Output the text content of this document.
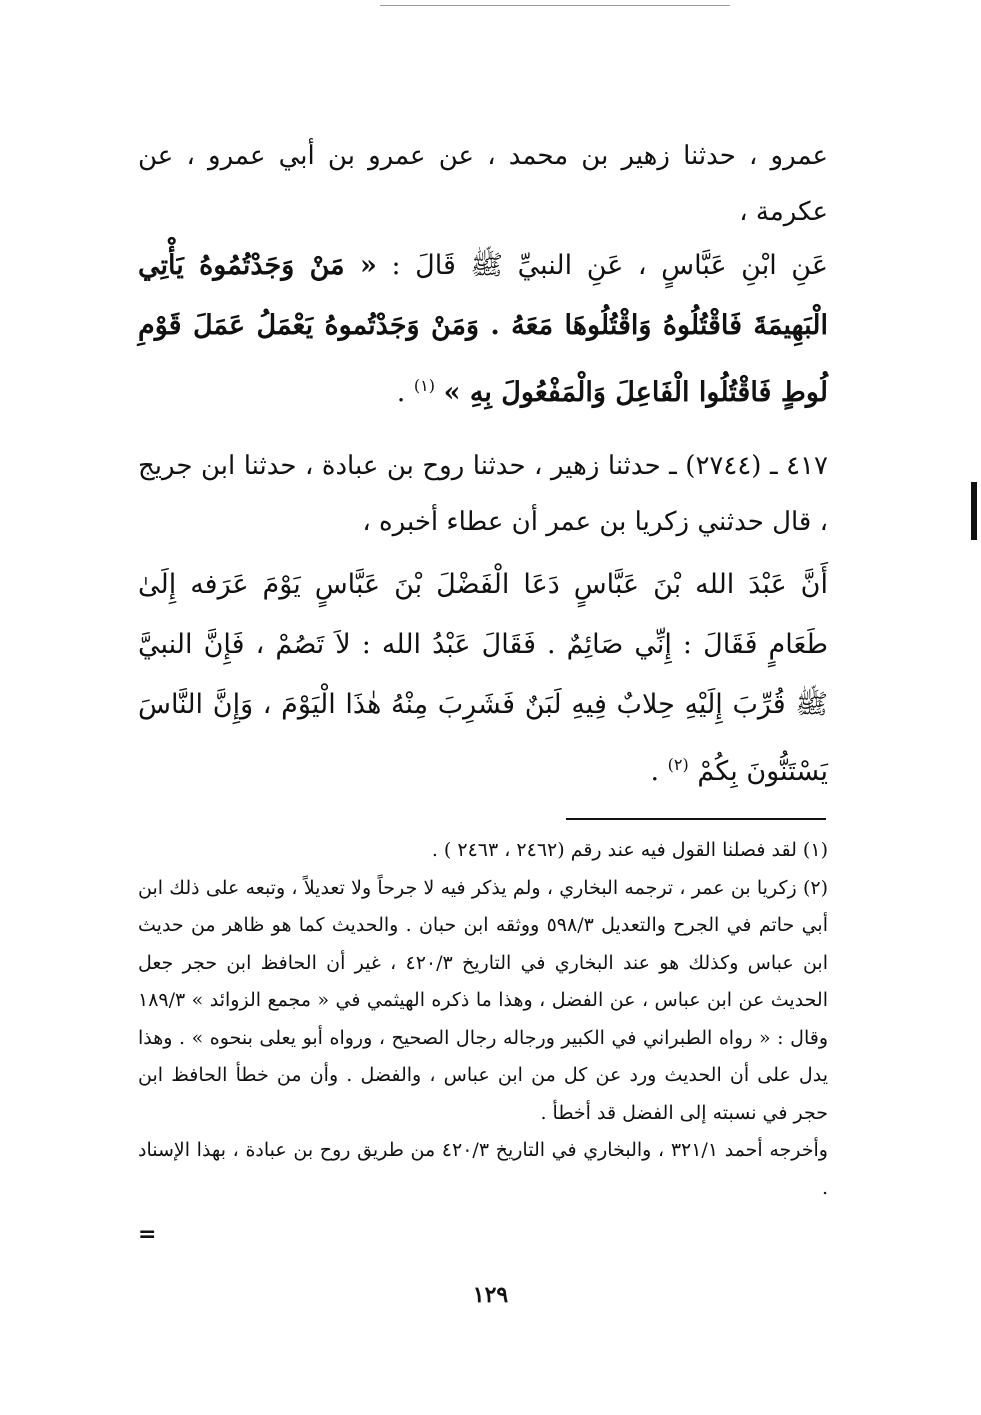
عمرو ، حدثنا زهير بن محمد ، عن عمرو بن أبي عمرو ، عن عكرمة ،

عَنِ ابْنِ عَبَّاسٍ ، عَنِ النبيِّ ﷺ قَالَ : « مَنْ وَجَدْتُمُوهُ يَأْتِي الْبَهِيمَةَ فَاقْتُلُوهُ وَاقْتُلُوهَا مَعَهُ . وَمَنْ وَجَدْتُموهُ يَعْمَلُ عَمَلَ قَوْمِ لُوطٍ فَاقْتُلُوا الْفَاعِلَ وَالْمَفْعُولَ بِهِ » $^{(١)}$ .

٤١٧ ـ (٢٧٤٤) ـ حدثنا زهير ، حدثنا روح بن عبادة ، حدثنا ابن جريج ، قال حدثني زكريا بن عمر أن عطاء أخبره ،

أَنَّ عَبْدَ الله بْنَ عَبَّاسٍ دَعَا الْفَضْلَ بْنَ عَبَّاسٍ يَوْمَ عَرَفه إِلَىٰ طَعَامٍ فَقَالَ : إِنِّي صَائِمٌ . فَقَالَ عَبْدُ الله : لاَ تَصُمْ ، فَإِنَّ النبيَّ ﷺ قُرِّبَ إِلَيْهِ حِلابٌ فِيهِ لَبَنٌ فَشَرِبَ مِنْهُ هٰذَا الْيَوْمَ ، وَإِنَّ النَّاسَ يَسْتَنُّونَ بِكُمْ $^{(٢)}$ .

(١) لقد فصلنا القول فيه عند رقم (٢٤٦٢ ، ٢٤٦٣ ) .

(٢) زكريا بن عمر ، ترجمه البخاري ، ولم يذكر فيه لا جرحاً ولا تعديلاً ، وتبعه على ذلك ابن أبي حاتم في الجرح والتعديل ٥٩٨/٣ ووثقه ابن حبان . والحديث كما هو ظاهر من حديث ابن عباس وكذلك هو عند البخاري في التاريخ ٤٢٠/٣ ، غير أن الحافظ ابن حجر جعل الحديث عن ابن عباس ، عن الفضل ، وهذا ما ذكره الهيثمي في « مجمع الزوائد » ١٨٩/٣ وقال : « رواه الطبراني في الكبير ورجاله رجال الصحيح ، ورواه أبو يعلى بنحوه » . وهذا يدل على أن الحديث ورد عن كل من ابن عباس ، والفضل . وأن من خطأ الحافظ ابن حجر في نسبته إلى الفضل قد أخطأ .

وأخرجه أحمد ٣٢١/١ ، والبخاري في التاريخ ٤٢٠/٣ من طريق روح بن عبادة ، بهذا الإسناد .

=
١٢٩
